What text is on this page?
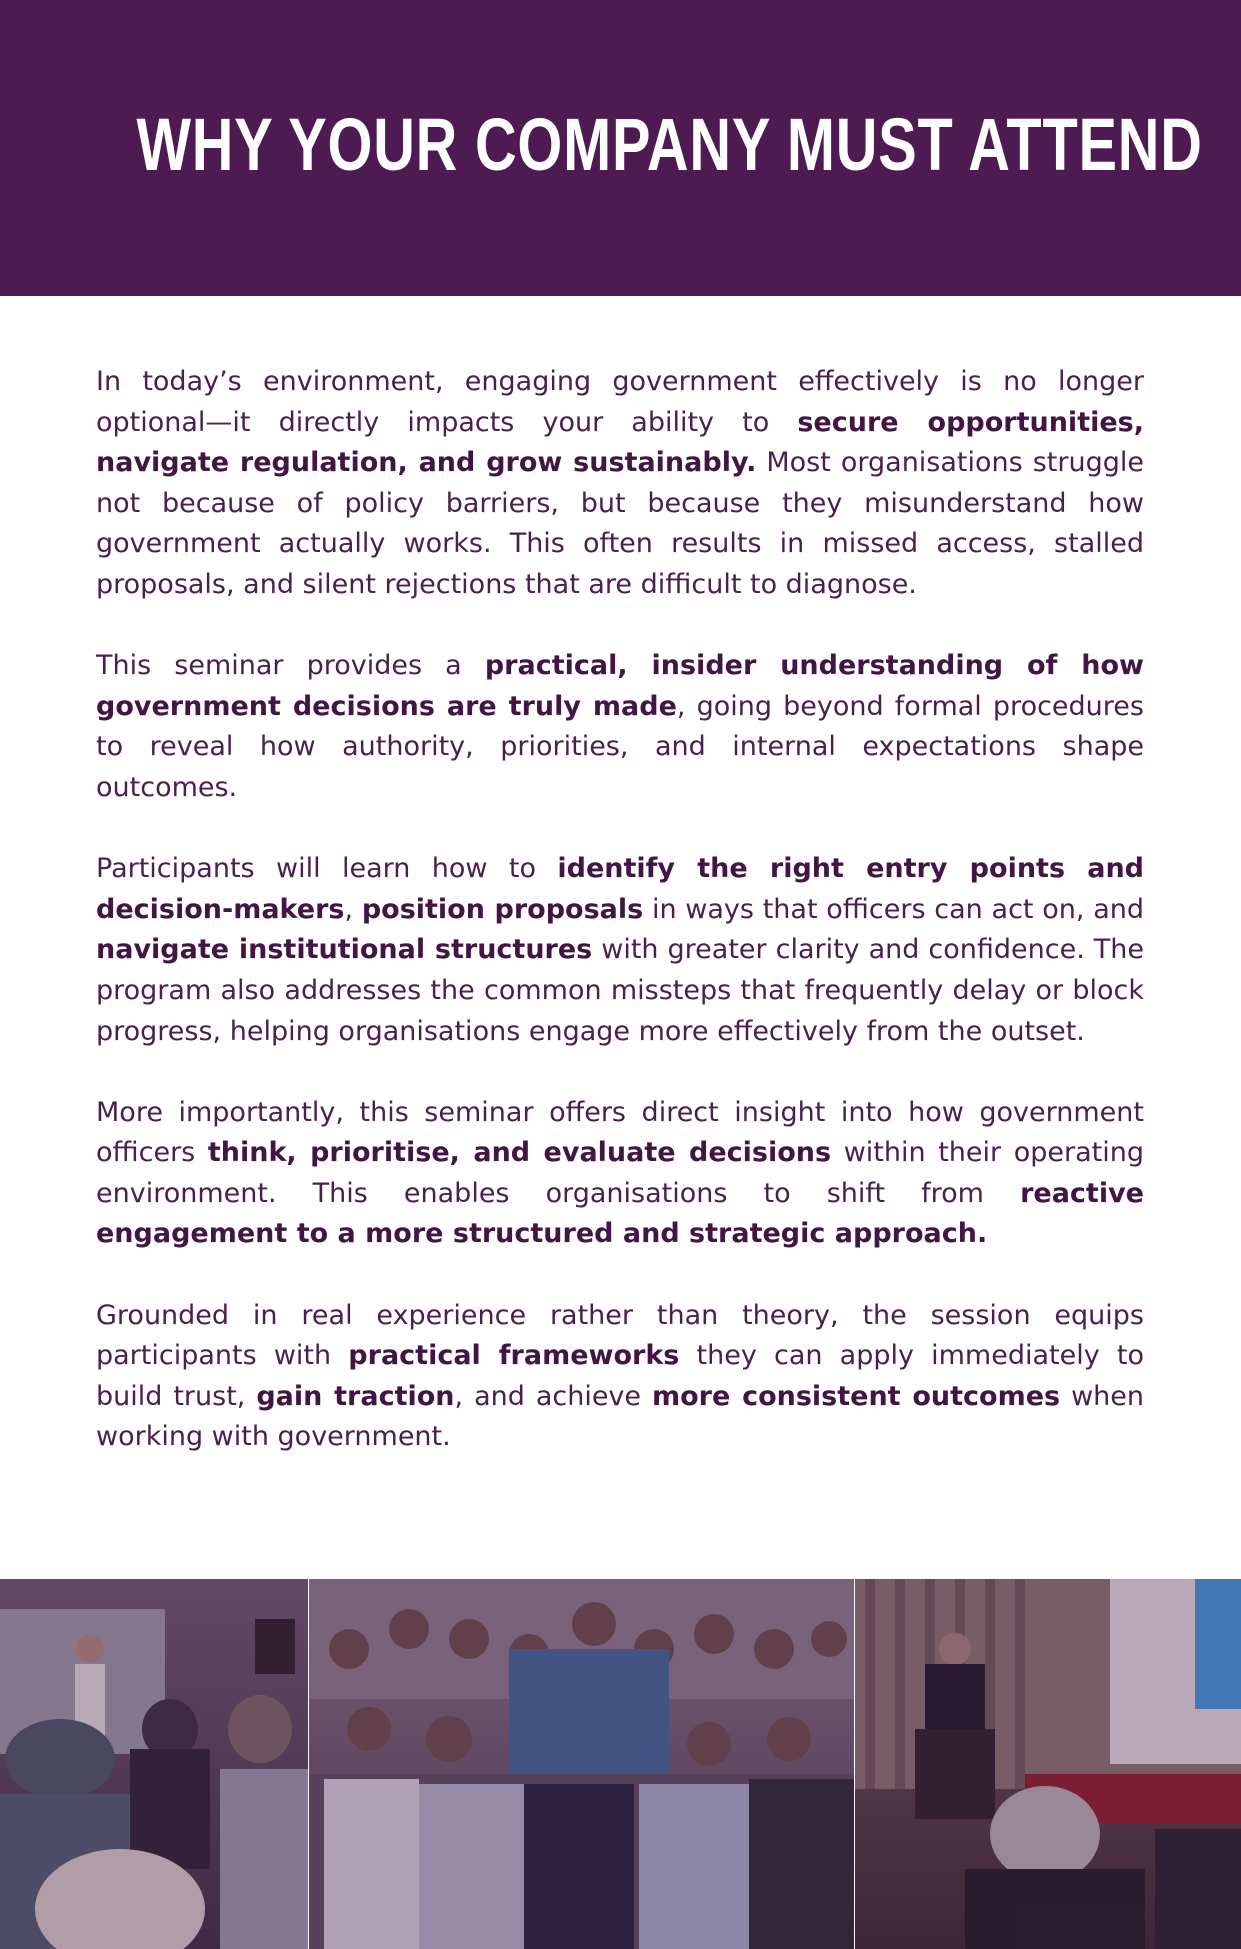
WHY YOUR COMPANY MUST ATTEND

In today’s environment, engaging government effectively is no longer optional—it directly impacts your ability to secure opportunities, navigate regulation, and grow sustainably. Most organisations struggle not because of policy barriers, but because they misunderstand how government actually works. This often results in missed access, stalled proposals, and silent rejections that are difficult to diagnose.

This seminar provides a practical, insider understanding of how government decisions are truly made, going beyond formal procedures to reveal how authority, priorities, and internal expectations shape outcomes.

Participants will learn how to identify the right entry points and decision-makers, position proposals in ways that officers can act on, and navigate institutional structures with greater clarity and confidence. The program also addresses the common missteps that frequently delay or block progress, helping organisations engage more effectively from the outset.

More importantly, this seminar offers direct insight into how government officers think, prioritise, and evaluate decisions within their operating environment. This enables organisations to shift from reactive engagement to a more structured and strategic approach.

Grounded in real experience rather than theory, the session equips participants with practical frameworks they can apply immediately to build trust, gain traction, and achieve more consistent outcomes when working with government.
